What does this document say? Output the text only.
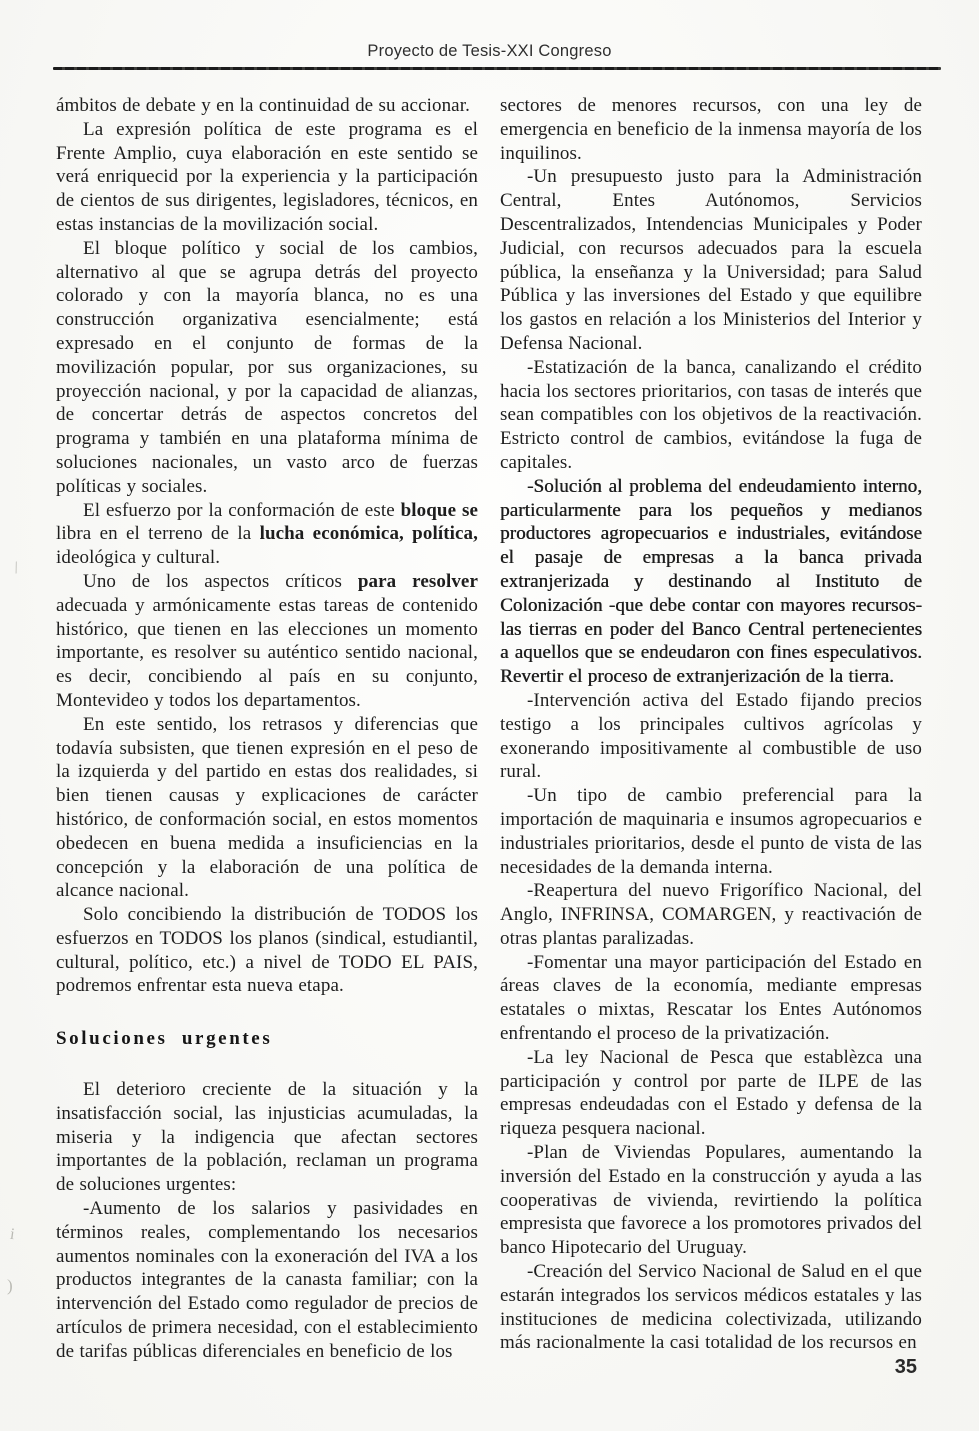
Proyecto de Tesis-XXI Congreso

ámbitos de debate y en la continuidad de su accionar.

La expresión política de este programa es el Frente Amplio, cuya elaboración en este sentido se verá enriquecid por la experiencia y la participación de cientos de sus dirigentes, legisladores, técnicos, en estas instancias de la movilización social.

El bloque político y social de los cambios, alternativo al que se agrupa detrás del proyecto colorado y con la mayoría blanca, no es una construcción organizativa esencialmente; está expresado en el conjunto de formas de la movilización popular, por sus organizaciones, su proyección nacional, y por la capacidad de alianzas, de concertar detrás de aspectos concretos del programa y también en una plataforma mínima de soluciones nacionales, un vasto arco de fuerzas políticas y sociales.

El esfuerzo por la conformación de este bloque se libra en el terreno de la lucha económica, política, ideológica y cultural.

Uno de los aspectos críticos para resolver adecuada y armónicamente estas tareas de contenido histórico, que tienen en las elecciones un momento importante, es resolver su auténtico sentido nacional, es decir, concibiendo al país en su conjunto, Montevideo y todos los departamentos.

En este sentido, los retrasos y diferencias que todavía subsisten, que tienen expresión en el peso de la izquierda y del partido en estas dos realidades, si bien tienen causas y explicaciones de carácter histórico, de conformación social, en estos momentos obedecen en buena medida a insuficiencias en la concepción y la elaboración de una política de alcance nacional.

Solo concibiendo la distribución de TODOS los esfuerzos en TODOS los planos (sindical, estudiantil, cultural, político, etc.) a nivel de TODO EL PAIS, podremos enfrentar esta nueva etapa.

Soluciones urgentes

El deterioro creciente de la situación y la insatisfacción social, las injusticias acumuladas, la miseria y la indigencia que afectan sectores importantes de la población, reclaman un programa de soluciones urgentes:

-Aumento de los salarios y pasividades en términos reales, complementando los necesarios aumentos nominales con la exoneración del IVA a los productos integrantes de la canasta familiar; con la intervención del Estado como regulador de precios de artículos de primera necesidad, con el establecimiento de tarifas públicas diferenciales en beneficio de los

sectores de menores recursos, con una ley de emergencia en beneficio de la inmensa mayoría de los inquilinos.

-Un presupuesto justo para la Administración Central, Entes Autónomos, Servicios Descentralizados, Intendencias Municipales y Poder Judicial, con recursos adecuados para la escuela pública, la enseñanza y la Universidad; para Salud Pública y las inversiones del Estado y que equilibre los gastos en relación a los Ministerios del Interior y Defensa Nacional.

-Estatización de la banca, canalizando el crédito hacia los sectores prioritarios, con tasas de interés que sean compatibles con los objetivos de la reactivación. Estricto control de cambios, evitándose la fuga de capitales.

-Solución al problema del endeudamiento interno, particularmente para los pequeños y medianos productores agropecuarios e industriales, evitándose el pasaje de empresas a la banca privada extranjerizada y destinando al Instituto de Colonización -que debe contar con mayores recursos- las tierras en poder del Banco Central pertenecientes a aquellos que se endeudaron con fines especulativos. Revertir el proceso de extranjerización de la tierra.

-Intervención activa del Estado fijando precios testigo a los principales cultivos agrícolas y exonerando impositivamente al combustible de uso rural.

-Un tipo de cambio preferencial para la importación de maquinaria e insumos agropecuarios e industriales prioritarios, desde el punto de vista de las necesidades de la demanda interna.

-Reapertura del nuevo Frigorífico Nacional, del Anglo, INFRINSA, COMARGEN, y reactivación de otras plantas paralizadas.

-Fomentar una mayor participación del Estado en áreas claves de la economía, mediante empresas estatales o mixtas, Rescatar los Entes Autónomos enfrentando el proceso de la privatización.

-La ley Nacional de Pesca que establèzca una participación y control por parte de ILPE de las empresas endeudadas con el Estado y defensa de la riqueza pesquera nacional.

-Plan de Viviendas Populares, aumentando la inversión del Estado en la construcción y ayuda a las cooperativas de vivienda, revirtiendo la política empresista que favorece a los promotores privados del banco Hipotecario del Uruguay.

-Creación del Servico Nacional de Salud en el que estarán integrados los servicos médicos estatales y las instituciones de medicina colectivizada, utilizando más racionalmente la casi totalidad de los recursos en

35
/
i
)
